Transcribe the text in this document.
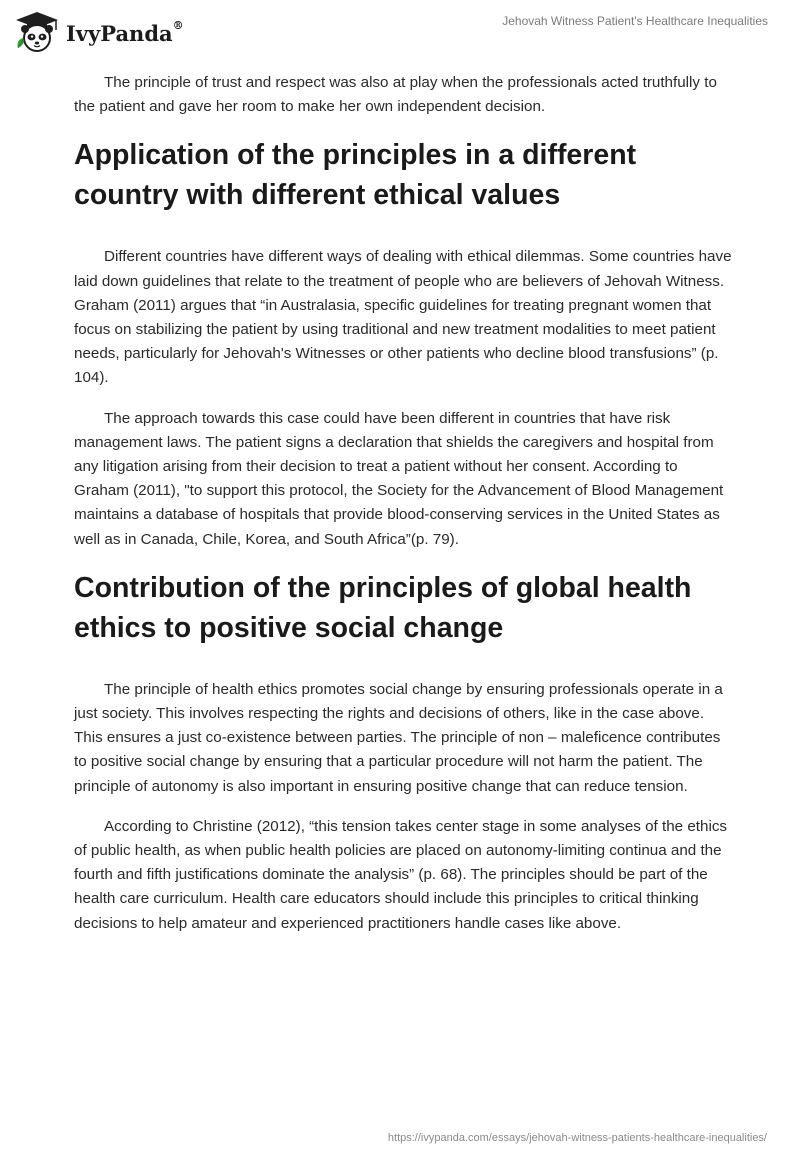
IvyPanda®	Jehovah Witness Patient's Healthcare Inequalities

The principle of trust and respect was also at play when the professionals acted truthfully to the patient and gave her room to make her own independent decision.

Application of the principles in a different country with different ethical values

Different countries have different ways of dealing with ethical dilemmas. Some countries have laid down guidelines that relate to the treatment of people who are believers of Jehovah Witness. Graham (2011) argues that “in Australasia, specific guidelines for treating pregnant women that focus on stabilizing the patient by using traditional and new treatment modalities to meet patient needs, particularly for Jehovah's Witnesses or other patients who decline blood transfusions” (p. 104).

The approach towards this case could have been different in countries that have risk management laws. The patient signs a declaration that shields the caregivers and hospital from any litigation arising from their decision to treat a patient without her consent. According to Graham (2011), "to support this protocol, the Society for the Advancement of Blood Management maintains a database of hospitals that provide blood-conserving services in the United States as well as in Canada, Chile, Korea, and South Africa”(p. 79).

Contribution of the principles of global health ethics to positive social change

The principle of health ethics promotes social change by ensuring professionals operate in a just society. This involves respecting the rights and decisions of others, like in the case above. This ensures a just co-existence between parties. The principle of non – maleficence contributes to positive social change by ensuring that a particular procedure will not harm the patient. The principle of autonomy is also important in ensuring positive change that can reduce tension.

According to Christine (2012), “this tension takes center stage in some analyses of the ethics of public health, as when public health policies are placed on autonomy-limiting continua and the fourth and fifth justifications dominate the analysis” (p. 68). The principles should be part of the health care curriculum. Health care educators should include this principles to critical thinking decisions to help amateur and experienced practitioners handle cases like above.

https://ivypanda.com/essays/jehovah-witness-patients-healthcare-inequalities/
